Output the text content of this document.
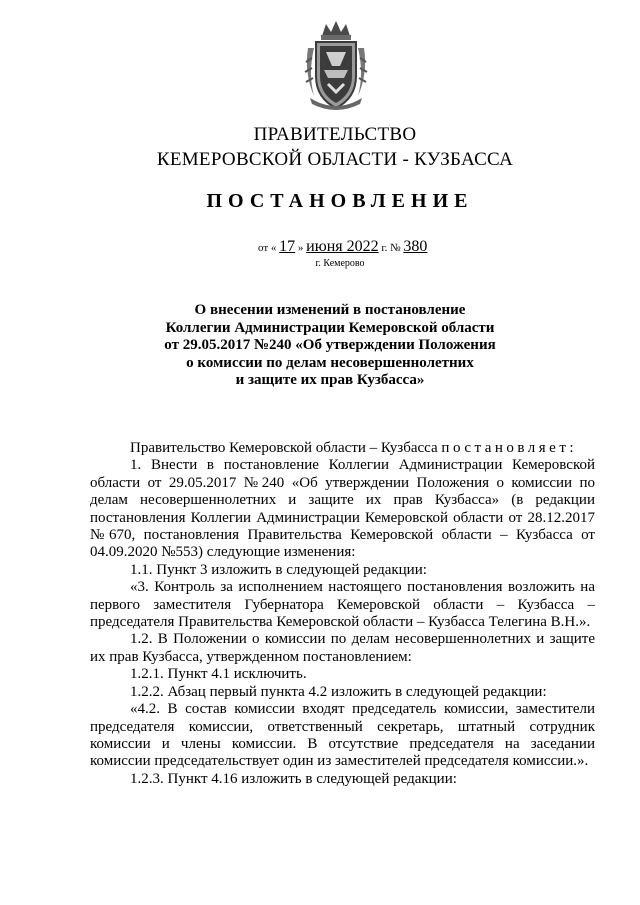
ПРАВИТЕЛЬСТВО
КЕМЕРОВСКОЙ ОБЛАСТИ - КУЗБАССА
ПОСТАНОВЛЕНИЕ
от « 17 » июня 2022 г. № 380
г. Кемерово
О внесении изменений в постановление
Коллегии Администрации Кемеровской области
от 29.05.2017 №240 «Об утверждении Положения
о комиссии по делам несовершеннолетних
и защите их прав Кузбасса»

Правительство Кемеровской области – Кузбасса постановляет:

1. Внести в постановление Коллегии Администрации Кемеровской области от 29.05.2017 №240 «Об утверждении Положения о комиссии по делам несовершеннолетних и защите их прав Кузбасса» (в редакции постановления Коллегии Администрации Кемеровской области от 28.12.2017 №670, постановления Правительства Кемеровской области – Кузбасса от 04.09.2020 №553) следующие изменения:

1.1. Пункт 3 изложить в следующей редакции:

«3. Контроль за исполнением настоящего постановления возложить на первого заместителя Губернатора Кемеровской области – Кузбасса – председателя Правительства Кемеровской области – Кузбасса Телегина В.Н.».

1.2. В Положении о комиссии по делам несовершеннолетних и защите их прав Кузбасса, утвержденном постановлением:

1.2.1. Пункт 4.1 исключить.

1.2.2. Абзац первый пункта 4.2 изложить в следующей редакции:

«4.2. В состав комиссии входят председатель комиссии, заместители председателя комиссии, ответственный секретарь, штатный сотрудник комиссии и члены комиссии. В отсутствие председателя на заседании комиссии председательствует один из заместителей председателя комиссии.».

1.2.3. Пункт 4.16 изложить в следующей редакции:
